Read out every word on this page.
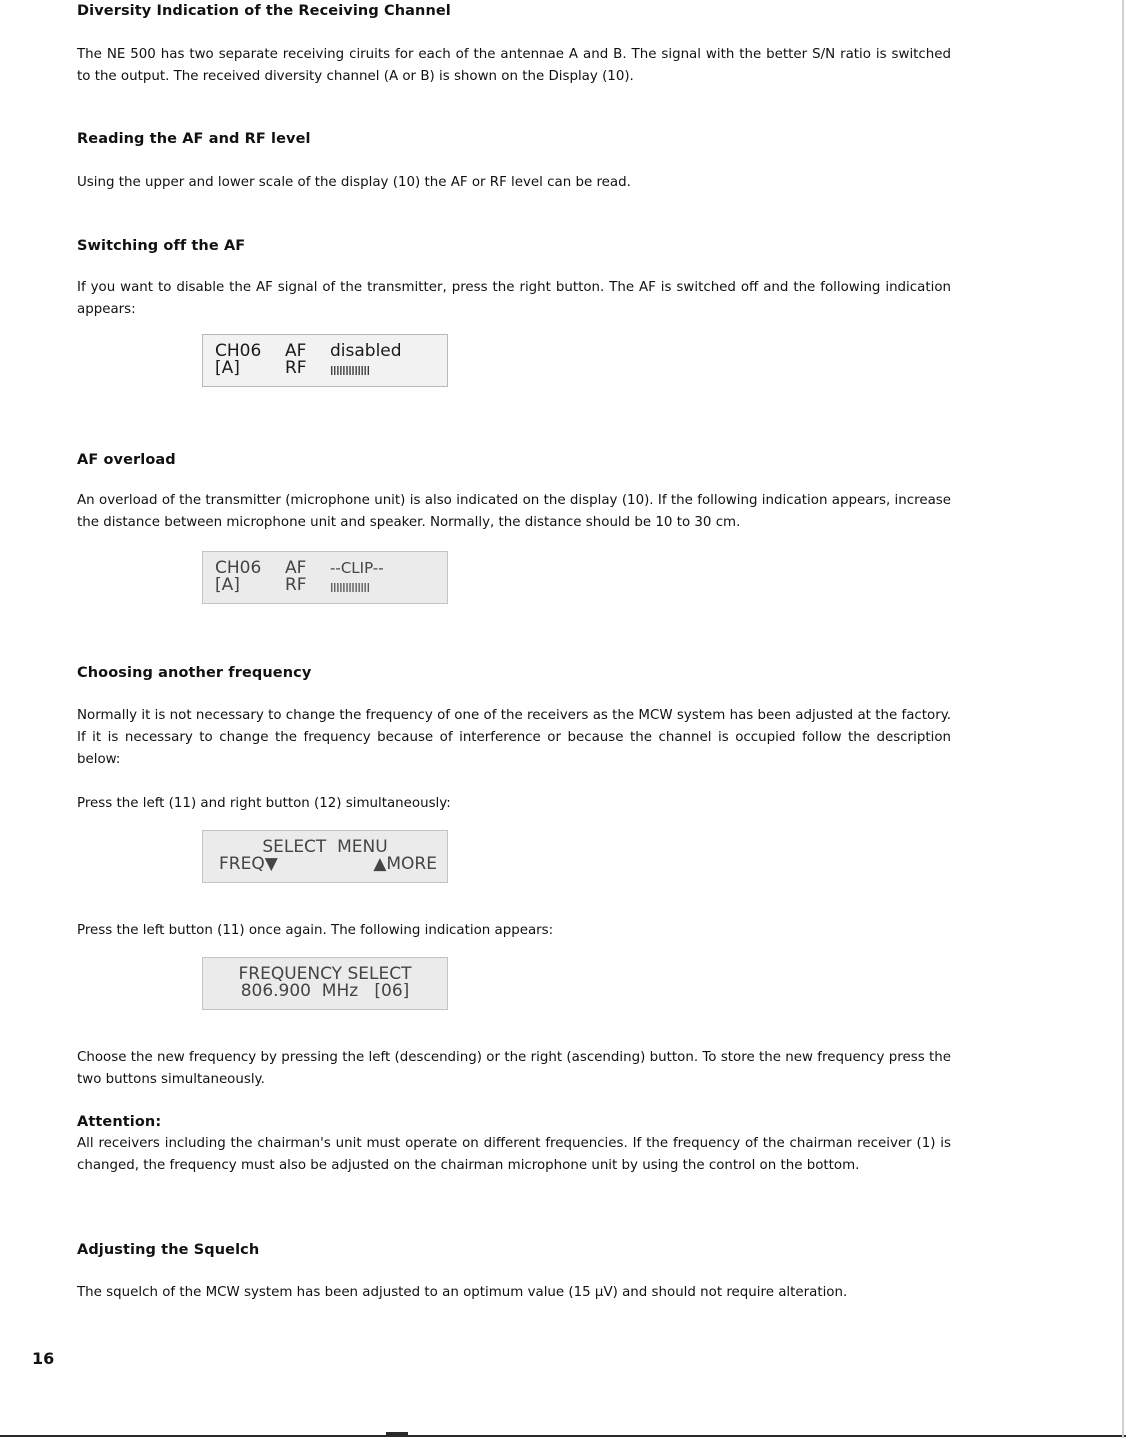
Diversity Indication of the Receiving Channel

The NE 500 has two separate receiving ciruits for each of the antennae A and B. The signal with the better S/N ratio is switched to the output. The received diversity channel (A or B) is shown on the Display (10).

Reading the AF and RF level

Using the upper and lower scale of the display (10) the AF or RF level can be read.

Switching off the AF

If you want to disable the AF signal of the transmitter, press the right button. The AF is switched off and the following indication appears:

CH06 AF disabled
[A]	RF IIIIIIIIIIIII
AF overload

An overload of the transmitter (microphone unit) is also indicated on the display (10). If the following indication appears, increase the distance between microphone unit and speaker. Normally, the distance should be 10 to 30 cm.

CH06 AF --CLIP--
[A]	RF IIIIIIIIIIIII
Choosing another frequency

Normally it is not necessary to change the frequency of one of the receivers as the MCW system has been adjusted at the factory. If it is necessary to change the frequency because of interference or because the channel is occupied follow the description below:

Press the left (11) and right button (12) simultaneously:

SELECT  MENU
FREQ▼	▲MORE

Press the left button (11) once again. The following indication appears:

FREQUENCY SELECT
806.900  MHz   [06]

Choose the new frequency by pressing the left (descending) or the right (ascending) button. To store the new frequency press the two buttons simultaneously.

Attention:

All receivers including the chairman's unit must operate on different frequencies. If the frequency of the chairman receiver (1) is changed, the frequency must also be adjusted on the chairman microphone unit by using the control on the bottom.

Adjusting the Squelch

The squelch of the MCW system has been adjusted to an optimum value (15 µV) and should not require alteration.

16
